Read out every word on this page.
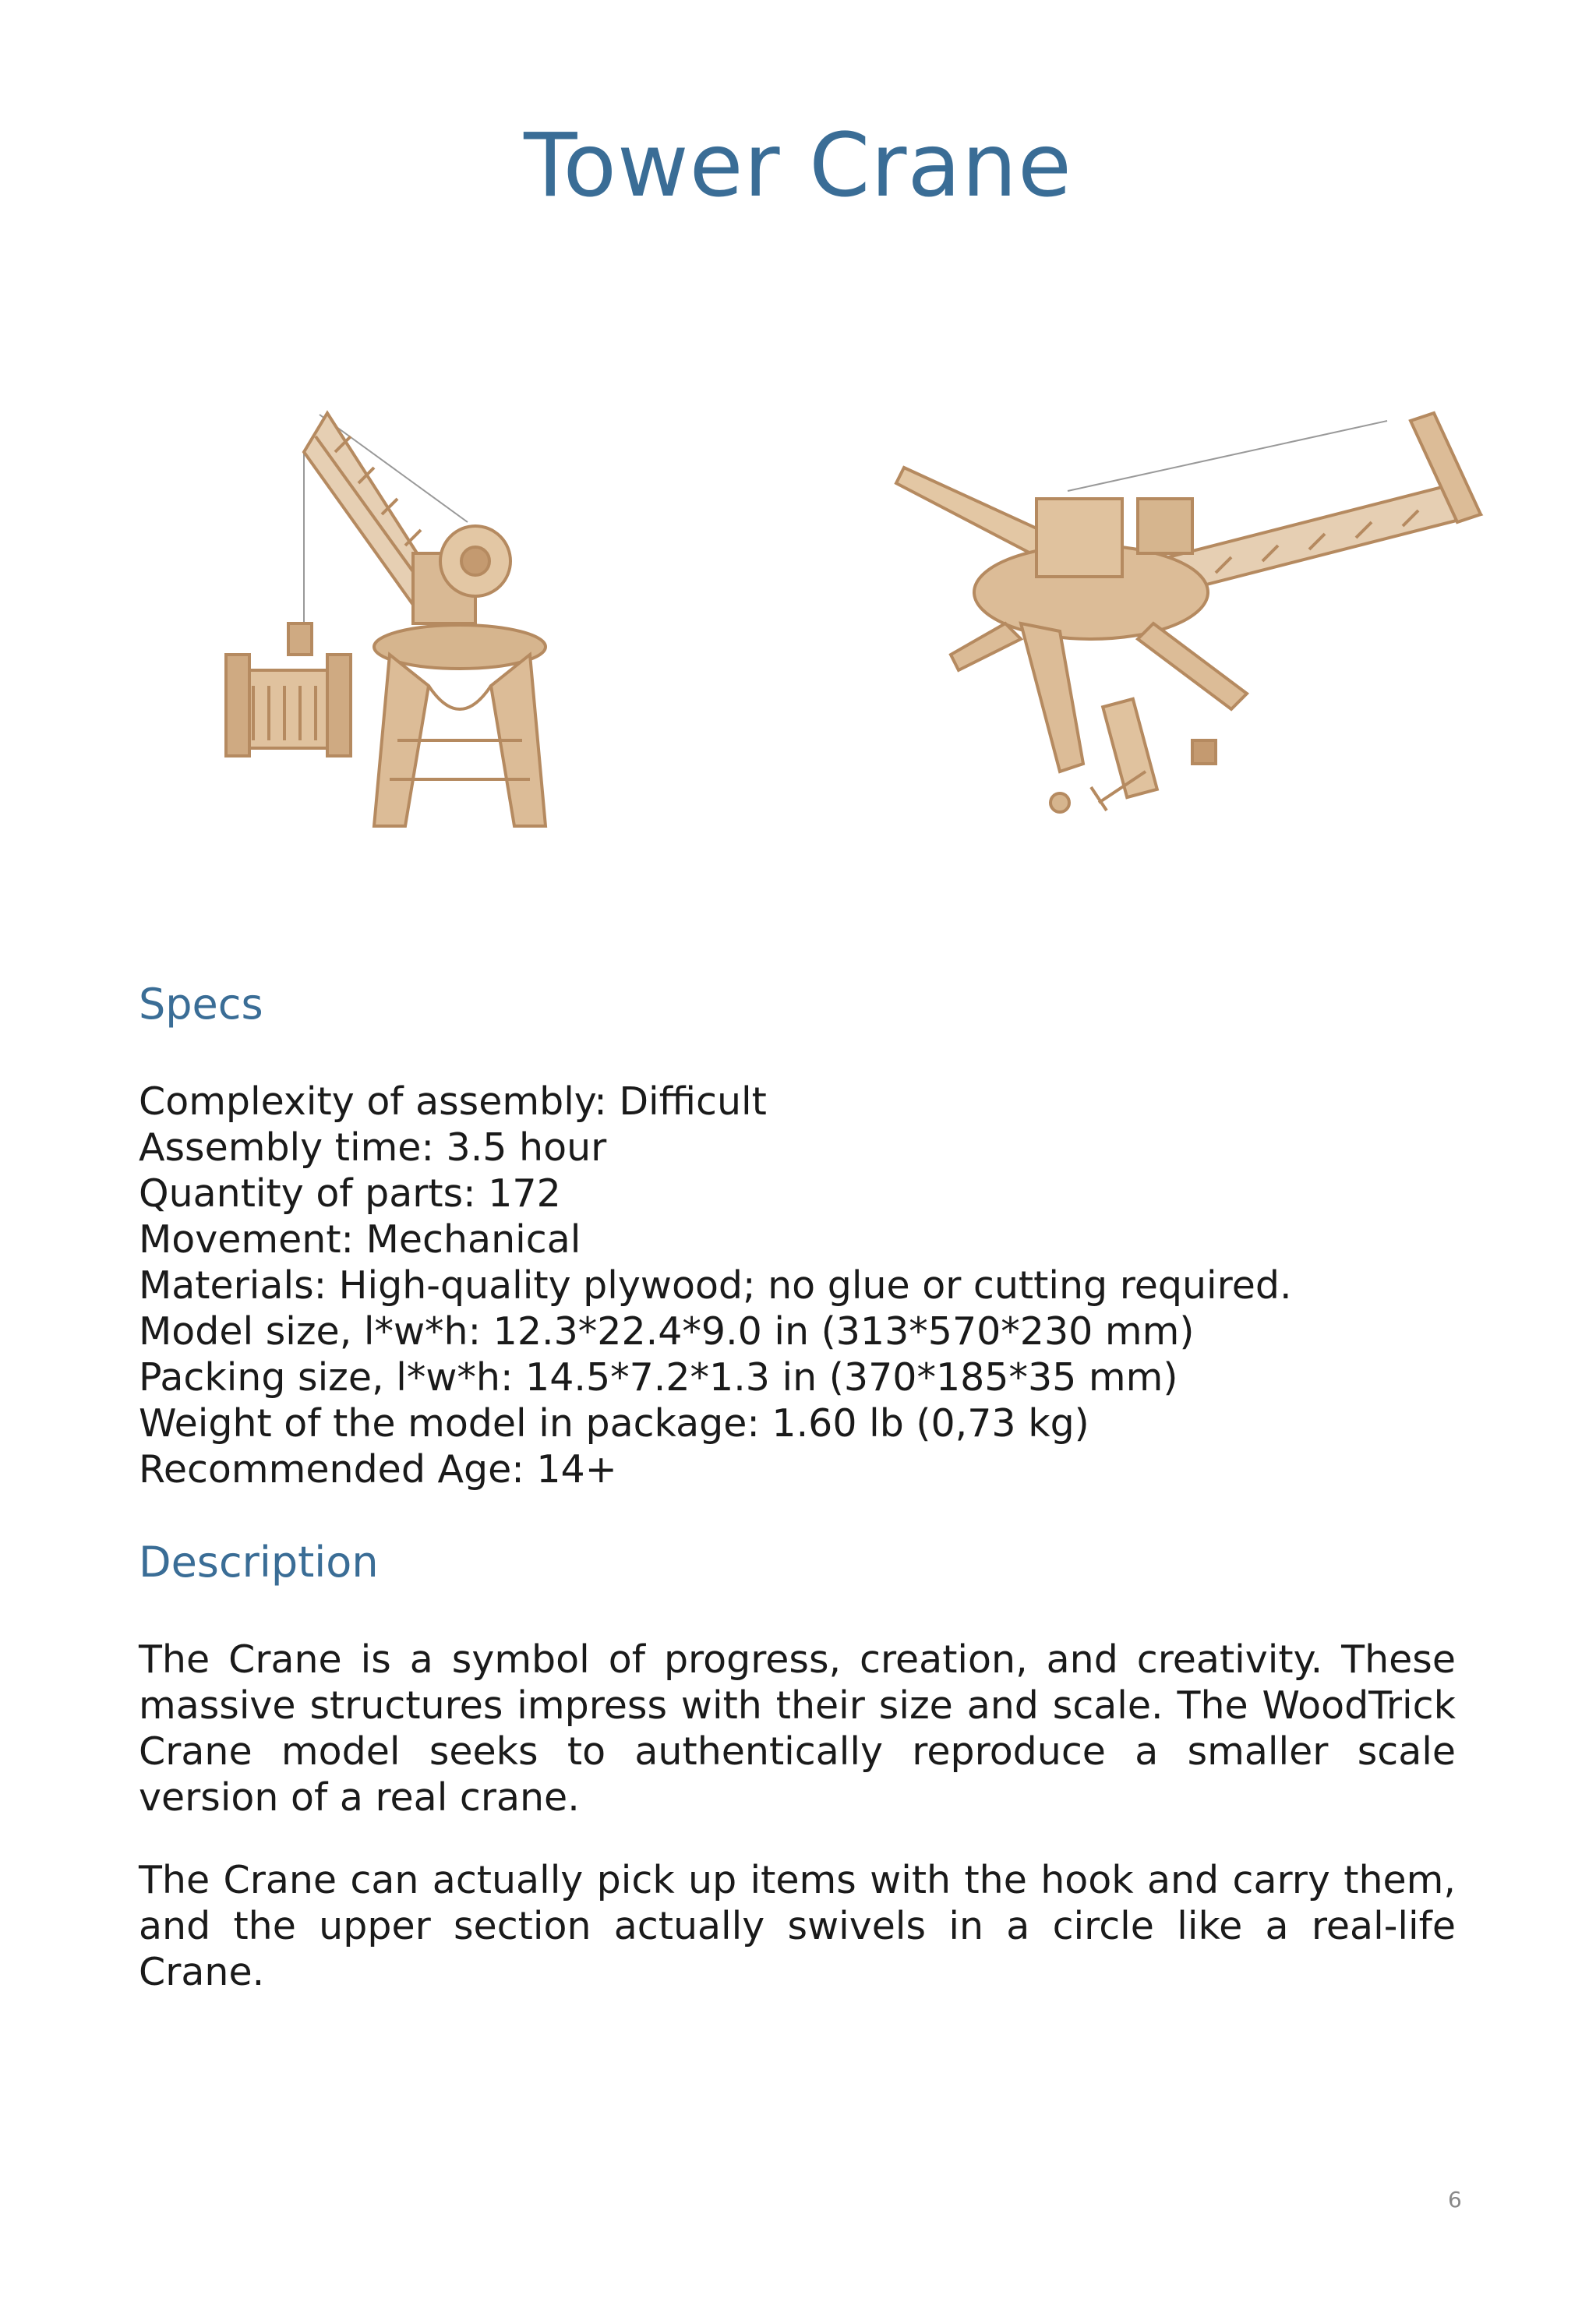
Tower Crane
Specs
Complexity of assembly: Difficult
Assembly time: 3.5 hour
Quantity of parts: 172
Movement: Mechanical
Materials: High-quality plywood; no glue or cutting required.
Model size, l*w*h: 12.3*22.4*9.0 in (313*570*230 mm)
Packing size, l*w*h: 14.5*7.2*1.3 in (370*185*35 mm)
Weight of the model in package: 1.60 lb (0,73 kg)
Recommended Age: 14+
Description
The Crane is a symbol of progress, creation, and creativity. These massive structures impress with their size and scale. The WoodTrick Crane model seeks to authentically reproduce a smaller scale version of a real crane.
The Crane can actually pick up items with the hook and carry them, and the upper section actually swivels in a circle like a real-life Crane.
6
